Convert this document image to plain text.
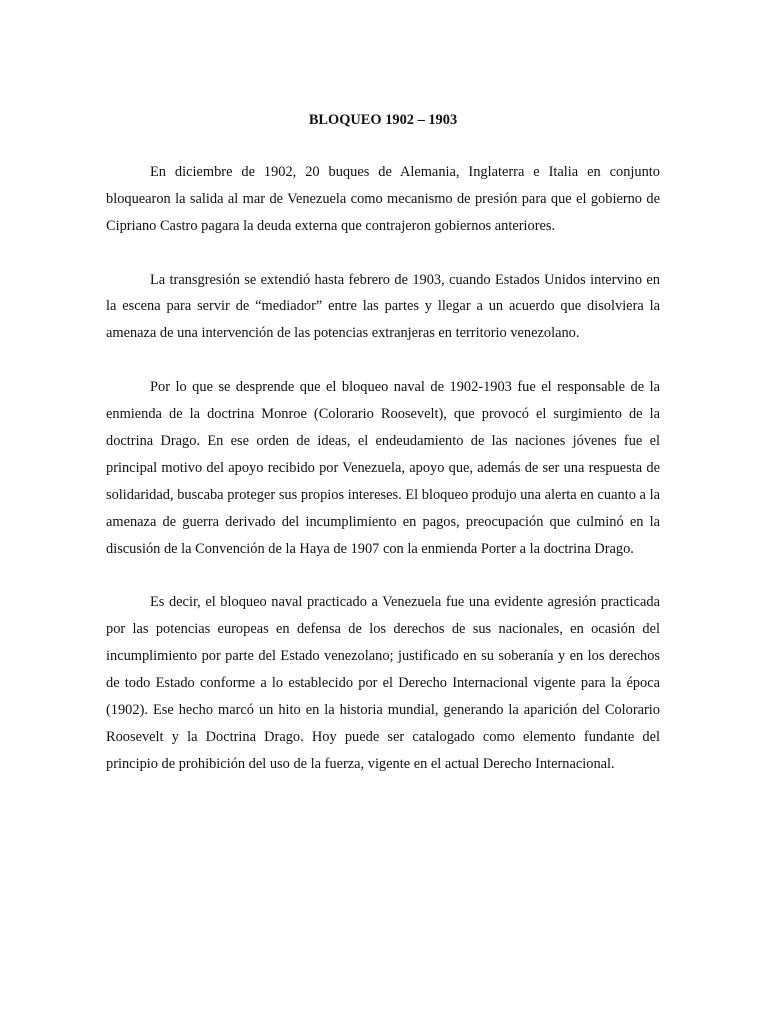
BLOQUEO 1902 – 1903

En diciembre de 1902, 20 buques de Alemania, Inglaterra e Italia en conjunto bloquearon la salida al mar de Venezuela como mecanismo de presión para que el gobierno de Cipriano Castro pagara la deuda externa que contrajeron gobiernos anteriores.

La transgresión se extendió hasta febrero de 1903, cuando Estados Unidos intervino en la escena para servir de “mediador” entre las partes y llegar a un acuerdo que disolviera la amenaza de una intervención de las potencias extranjeras en territorio venezolano.

Por lo que se desprende que el bloqueo naval de 1902-1903 fue el responsable de la enmienda de la doctrina Monroe (Colorario Roosevelt), que provocó el surgimiento de la doctrina Drago. En ese orden de ideas, el endeudamiento de las naciones jóvenes fue el principal motivo del apoyo recibido por Venezuela, apoyo que, además de ser una respuesta de solidaridad, buscaba proteger sus propios intereses. El bloqueo produjo una alerta en cuanto a la amenaza de guerra derivado del incumplimiento en pagos, preocupación que culminó en la discusión de la Convención de la Haya de 1907 con la enmienda Porter a la doctrina Drago.

Es decir, el bloqueo naval practicado a Venezuela fue una evidente agresión practicada por las potencias europeas en defensa de los derechos de sus nacionales, en ocasión del incumplimiento por parte del Estado venezolano; justificado en su soberanía y en los derechos de todo Estado conforme a lo establecido por el Derecho Internacional vigente para la época (1902). Ese hecho marcó un hito en la historia mundial, generando la aparición del Colorario Roosevelt y la Doctrina Drago. Hoy puede ser catalogado como elemento fundante del principio de prohibición del uso de la fuerza, vigente en el actual Derecho Internacional.
